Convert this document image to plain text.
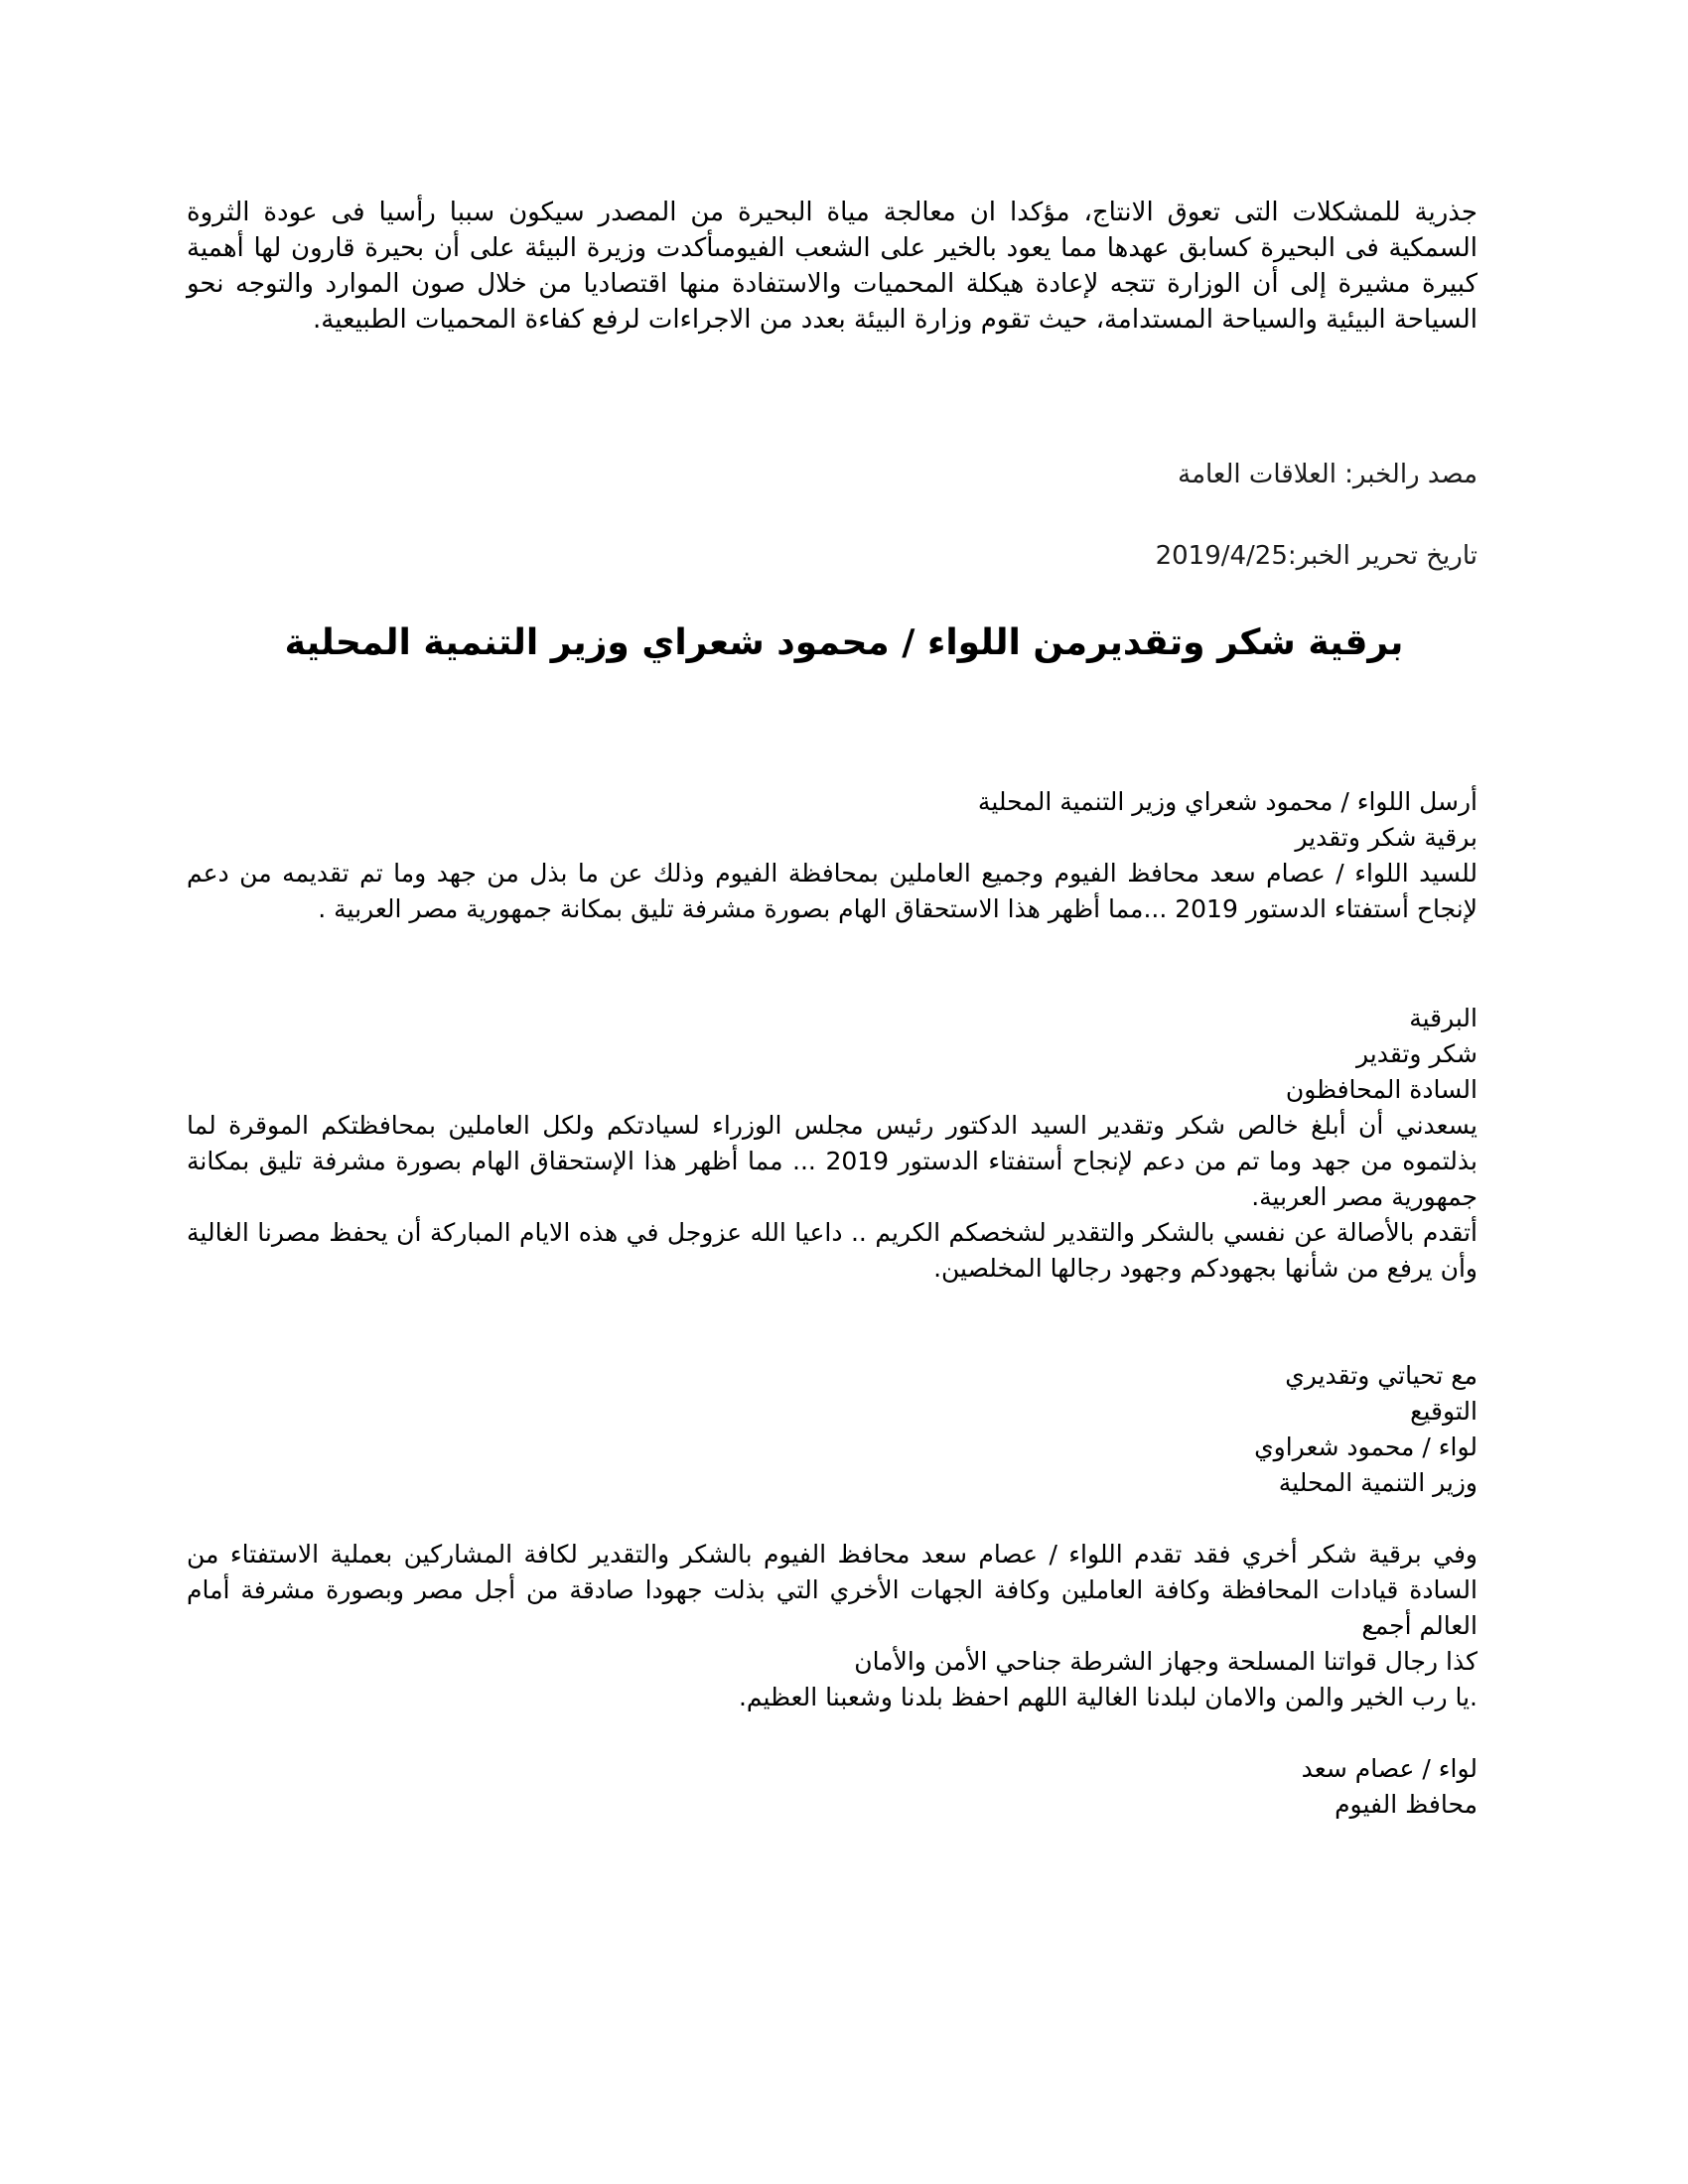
جذرية للمشكلات التى تعوق الانتاج، مؤكدا ان معالجة مياة البحيرة من المصدر سيكون سببا رأسيا فى عودة الثروة السمكية فى البحيرة كسابق عهدها مما يعود بالخير على الشعب الفيومىأكدت وزيرة البيئة على أن بحيرة قارون لها أهمية كبيرة مشيرة إلى أن الوزارة تتجه لإعادة هيكلة المحميات والاستفادة منها اقتصاديا من خلال صون الموارد والتوجه نحو السياحة البيئية والسياحة المستدامة، حيث تقوم وزارة البيئة بعدد من الاجراءات لرفع كفاءة المحميات الطبيعية.
مصد رالخبر: العلاقات العامة
تاريخ تحرير الخبر:2019/4/25
برقية شكر وتقديرمن اللواء / محمود شعراي وزير التنمية المحلية
أرسل اللواء / محمود شعراي وزير التنمية المحلية
برقية شكر وتقدير
للسيد اللواء / عصام سعد محافظ الفيوم وجميع العاملين بمحافظة الفيوم وذلك عن ما بذل من جهد وما تم تقديمه من دعم لإنجاح أستفتاء الدستور 2019 ...مما أظهر هذا الاستحقاق الهام بصورة مشرفة تليق بمكانة جمهورية مصر العربية .
البرقية
شكر وتقدير
السادة المحافظون
يسعدني أن أبلغ خالص شكر وتقدير السيد الدكتور رئيس مجلس الوزراء لسيادتكم ولكل العاملين بمحافظتكم الموقرة لما بذلتموه من جهد وما تم من دعم لإنجاح أستفتاء الدستور 2019 ... مما أظهر هذا الإستحقاق الهام بصورة مشرفة تليق بمكانة جمهورية مصر العربية.
أتقدم بالأصالة عن نفسي بالشكر والتقدير لشخصكم الكريم .. داعيا الله عزوجل في هذه الايام المباركة أن يحفظ مصرنا الغالية وأن يرفع من شأنها بجهودكم وجهود رجالها المخلصين.
مع تحياتي وتقديري
التوقيع
لواء / محمود شعراوي
وزير التنمية المحلية
وفي برقية شكر أخري فقد تقدم اللواء / عصام سعد محافظ الفيوم بالشكر والتقدير لكافة المشاركين بعملية الاستفتاء من السادة قيادات المحافظة وكافة العاملين وكافة الجهات الأخري التي بذلت جهودا صادقة من أجل مصر وبصورة مشرفة أمام العالم أجمع
كذا رجال قواتنا المسلحة وجهاز الشرطة جناحي الأمن والأمان
.يا رب الخير والمن والامان لبلدنا الغالية اللهم احفظ بلدنا وشعبنا العظيم.
لواء / عصام سعد
محافظ الفيوم
